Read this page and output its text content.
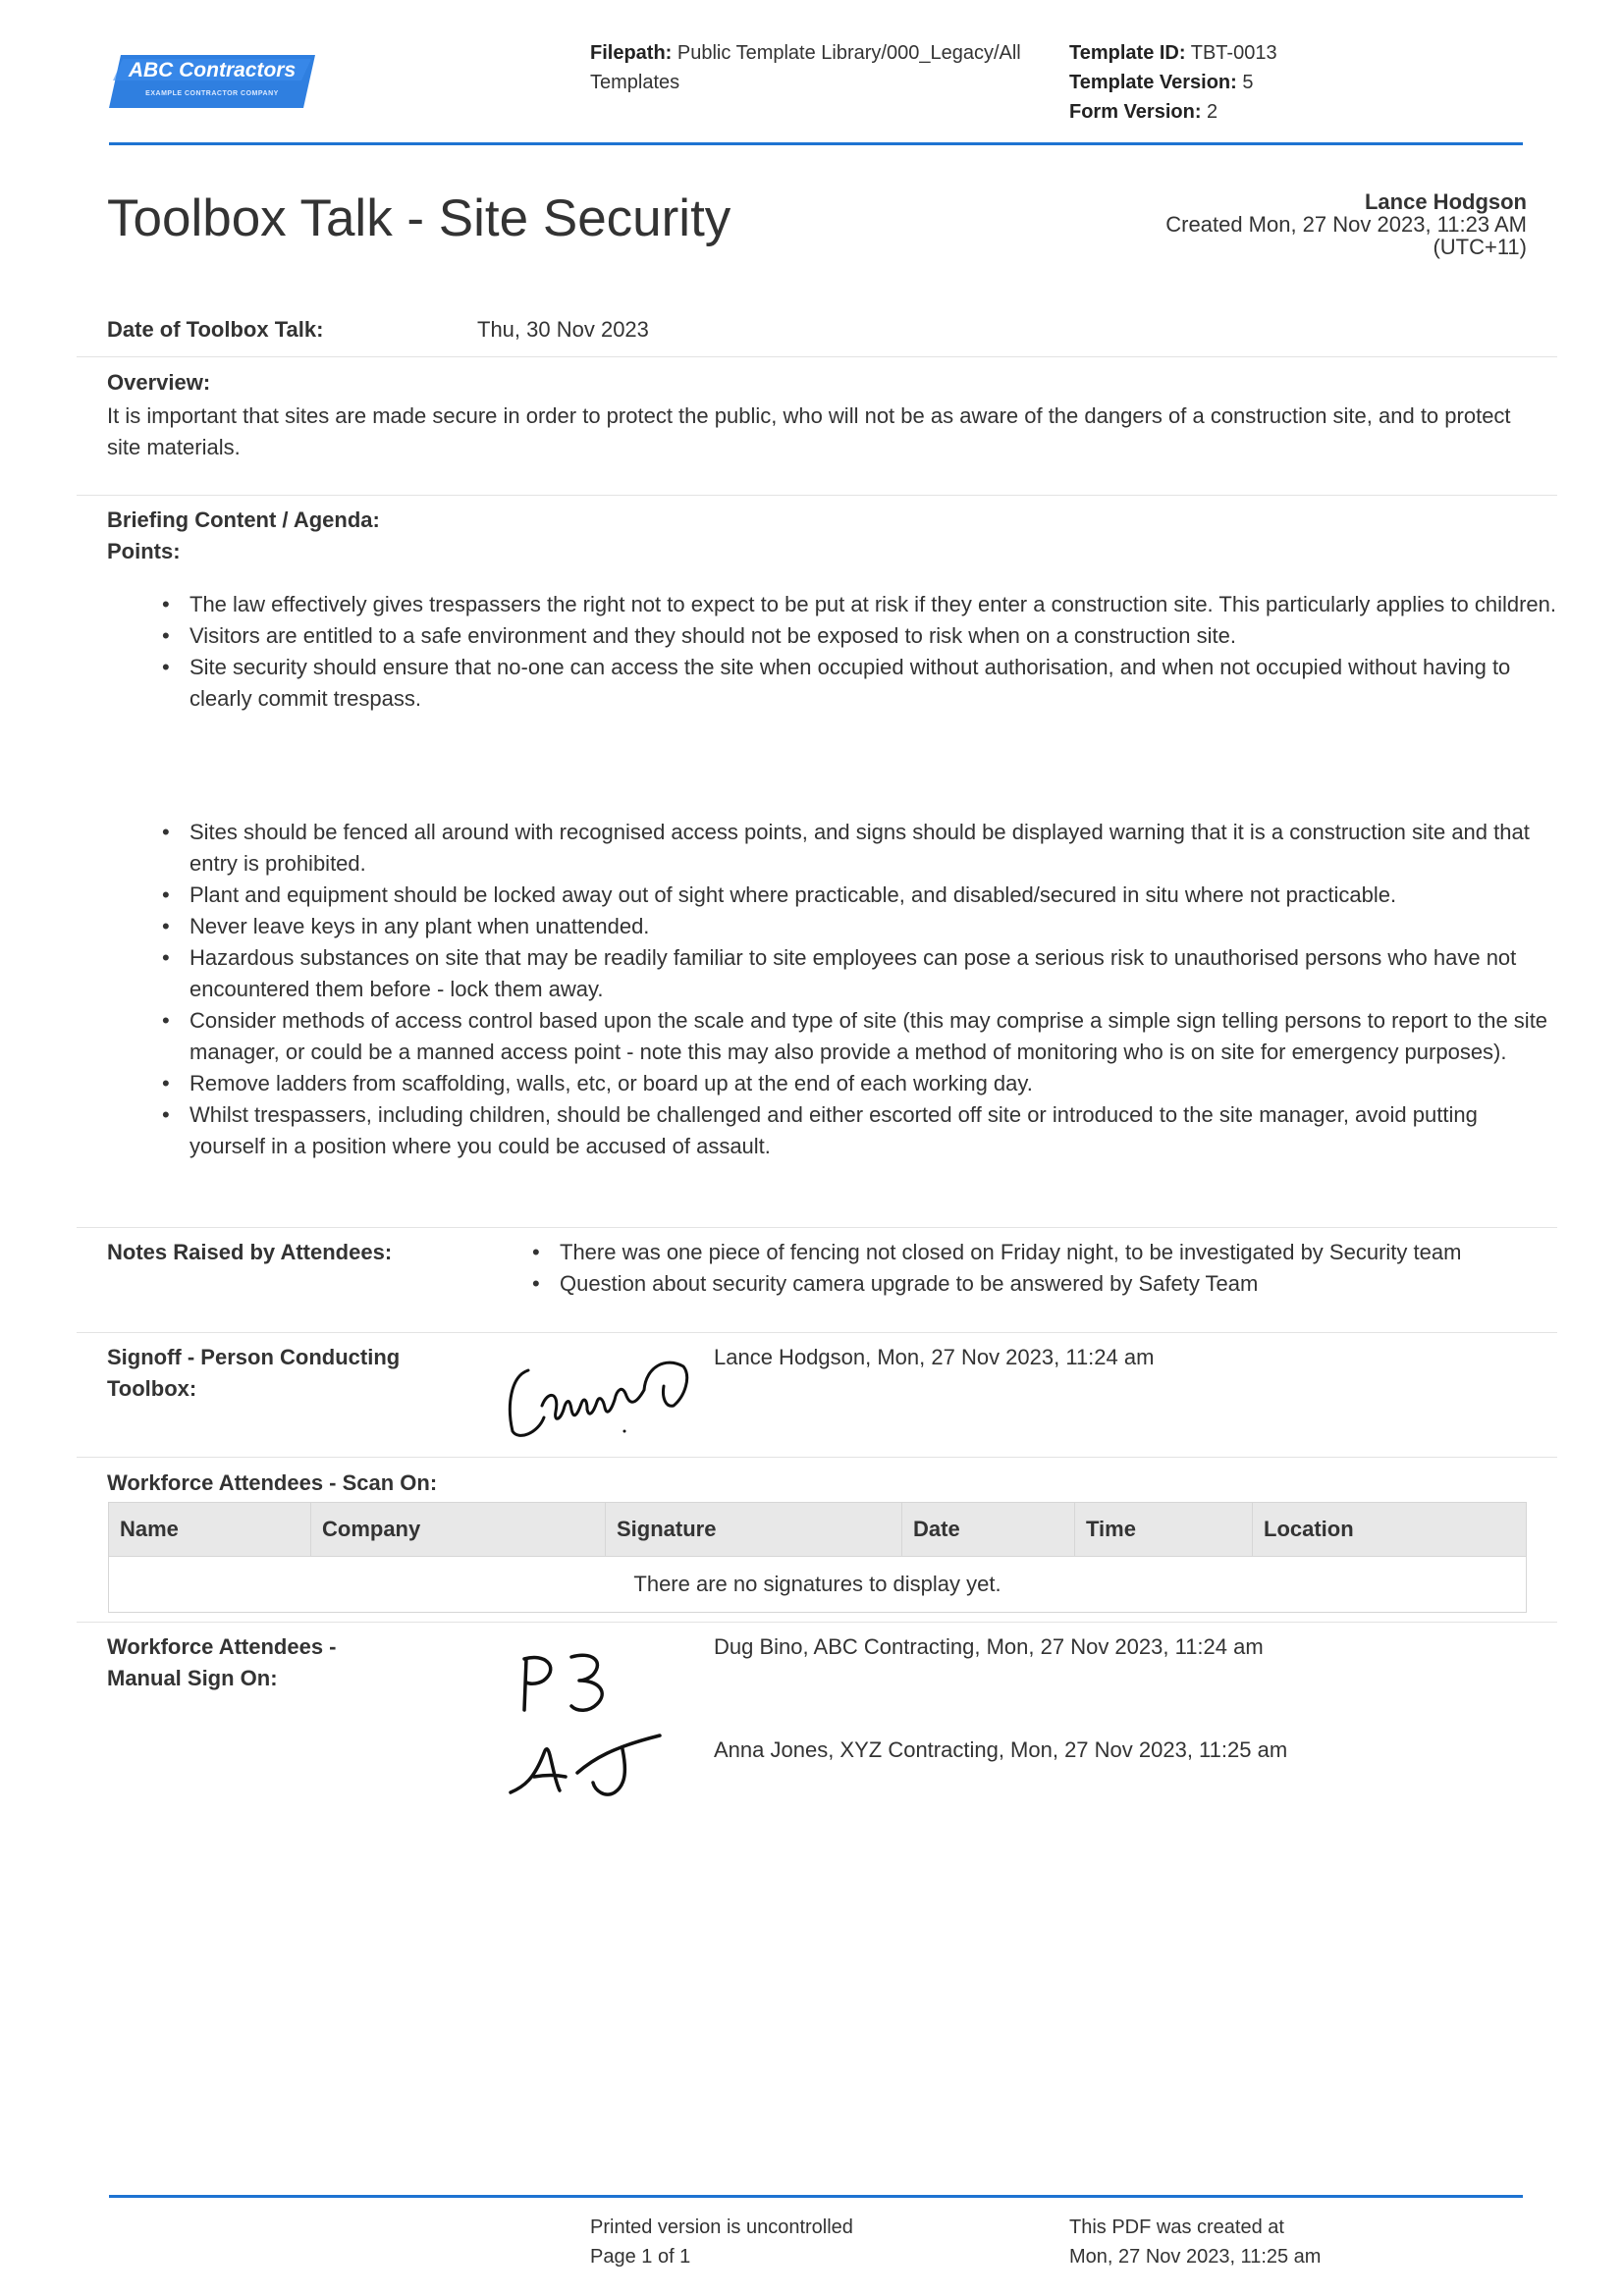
ABC Contractors
EXAMPLE CONTRACTOR COMPANY
Filepath: Public Template Library/000_Legacy/All
Templates
Template ID: TBT-0013
Template Version: 5
Form Version: 2
Toolbox Talk - Site Security	Lance Hodgson
Created Mon, 27 Nov 2023, 11:23 AM
(UTC+11)
Date of Toolbox Talk:	Thu, 30 Nov 2023
Overview:
It is important that sites are made secure in order to protect the public, who will not be as aware of the dangers of a construction site, and to protect site materials.
Briefing Content / Agenda:
Points:
• The law effectively gives trespassers the right not to expect to be put at risk if they enter a construction site. This particularly applies to children.
• Visitors are entitled to a safe environment and they should not be exposed to risk when on a construction site.
• Site security should ensure that no-one can access the site when occupied without authorisation, and when not occupied without having to clearly commit trespass.
• Sites should be fenced all around with recognised access points, and signs should be displayed warning that it is a construction site and that entry is prohibited.
• Plant and equipment should be locked away out of sight where practicable, and disabled/secured in situ where not practicable.
• Never leave keys in any plant when unattended.
• Hazardous substances on site that may be readily familiar to site employees can pose a serious risk to unauthorised persons who have not encountered them before - lock them away.
• Consider methods of access control based upon the scale and type of site (this may comprise a simple sign telling persons to report to the site manager, or could be a manned access point - note this may also provide a method of monitoring who is on site for emergency purposes).
• Remove ladders from scaffolding, walls, etc, or board up at the end of each working day.
• Whilst trespassers, including children, should be challenged and either escorted off site or introduced to the site manager, avoid putting yourself in a position where you could be accused of assault.
Notes Raised by Attendees:
•	There was one piece of fencing not closed on Friday night, to be investigated by Security team
• Question about security camera upgrade to be answered by Safety Team
Signoff - Person Conducting
Toolbox:
Lance Hodgson, Mon, 27 Nov 2023, 11:24 am
Workforce Attendees - Scan On:
Name	Company	Signature	Date	Time	Location
There are no signatures to display yet.
Workforce Attendees -
Manual Sign On:
Dug Bino, ABC Contracting, Mon, 27 Nov 2023, 11:24 am
Anna Jones, XYZ Contracting, Mon, 27 Nov 2023, 11:25 am
Printed version is uncontrolled
Page 1 of 1
This PDF was created at
Mon, 27 Nov 2023, 11:25 am
